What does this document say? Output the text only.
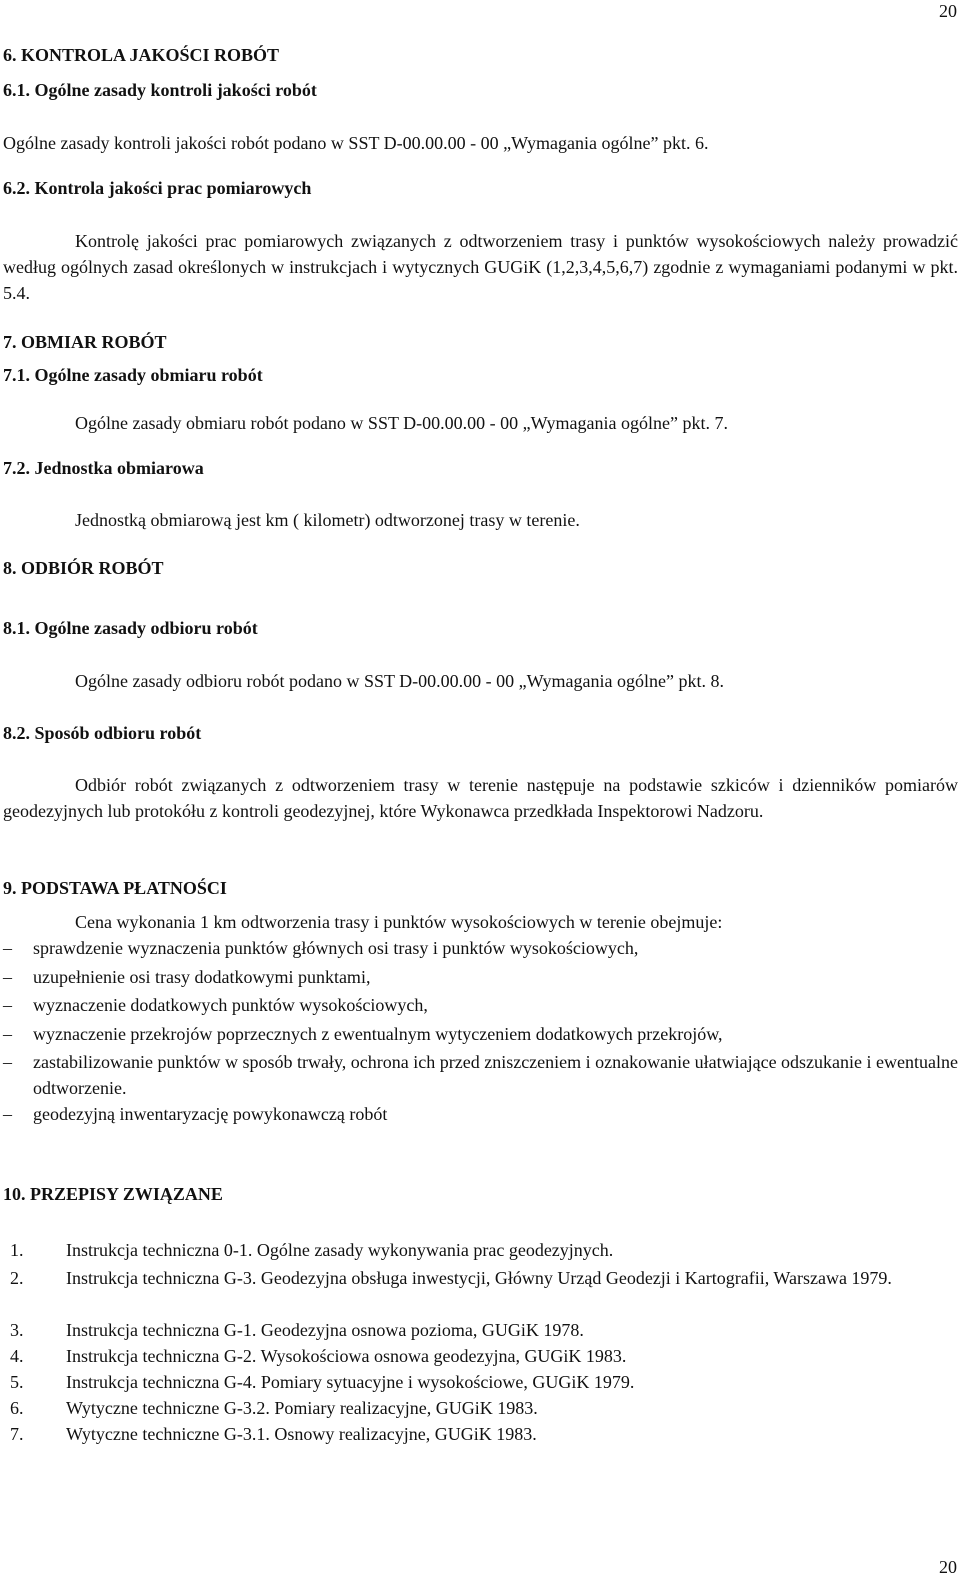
20
6. KONTROLA JAKOŚCI ROBÓT
6.1. Ogólne zasady kontroli jakości robót
Ogólne zasady kontroli jakości robót podano w SST D-00.00.00 - 00 „Wymagania ogólne” pkt. 6.
6.2. Kontrola jakości prac pomiarowych
Kontrolę jakości prac pomiarowych związanych z odtworzeniem trasy i punktów wysokościowych należy prowadzić według ogólnych zasad określonych w instrukcjach i wytycznych GUGiK (1,2,3,4,5,6,7) zgodnie z wymaganiami podanymi w pkt. 5.4.
7. OBMIAR ROBÓT
7.1. Ogólne zasady obmiaru robót
Ogólne zasady obmiaru robót podano w SST D-00.00.00 - 00 „Wymagania ogólne” pkt. 7.
7.2. Jednostka obmiarowa
Jednostką obmiarową jest km ( kilometr) odtworzonej trasy w terenie.
8. ODBIÓR ROBÓT
8.1. Ogólne zasady odbioru robót
Ogólne zasady odbioru robót podano w SST D-00.00.00 - 00 „Wymagania ogólne” pkt. 8.
8.2. Sposób odbioru robót
Odbiór robót związanych z odtworzeniem trasy w terenie następuje na podstawie szkiców i dzienników pomiarów geodezyjnych lub protokółu z kontroli geodezyjnej, które Wykonawca przedkłada Inspektorowi Nadzoru.
9. PODSTAWA PŁATNOŚCI
Cena wykonania 1 km odtworzenia trasy i punktów wysokościowych w terenie obejmuje:
– sprawdzenie wyznaczenia punktów głównych osi trasy i punktów wysokościowych,
– uzupełnienie osi trasy dodatkowymi punktami,
– wyznaczenie dodatkowych punktów wysokościowych,
– wyznaczenie przekrojów poprzecznych z ewentualnym wytyczeniem dodatkowych przekrojów,
– zastabilizowanie punktów w sposób trwały, ochrona ich przed zniszczeniem i oznakowanie ułatwiające odszukanie i ewentualne odtworzenie.
– geodezyjną inwentaryzację powykonawczą robót
10. PRZEPISY ZWIĄZANE
1. Instrukcja techniczna 0-1. Ogólne zasady wykonywania prac geodezyjnych.
2. Instrukcja techniczna G-3. Geodezyjna obsługa inwestycji, Główny Urząd Geodezji i Kartografii, Warszawa 1979.
3. Instrukcja techniczna G-1. Geodezyjna osnowa pozioma, GUGiK 1978.
4. Instrukcja techniczna G-2. Wysokościowa osnowa geodezyjna, GUGiK 1983.
5. Instrukcja techniczna G-4. Pomiary sytuacyjne i wysokościowe, GUGiK 1979.
6. Wytyczne techniczne G-3.2. Pomiary realizacyjne, GUGiK 1983.
7. Wytyczne techniczne G-3.1. Osnowy realizacyjne, GUGiK 1983.
20
